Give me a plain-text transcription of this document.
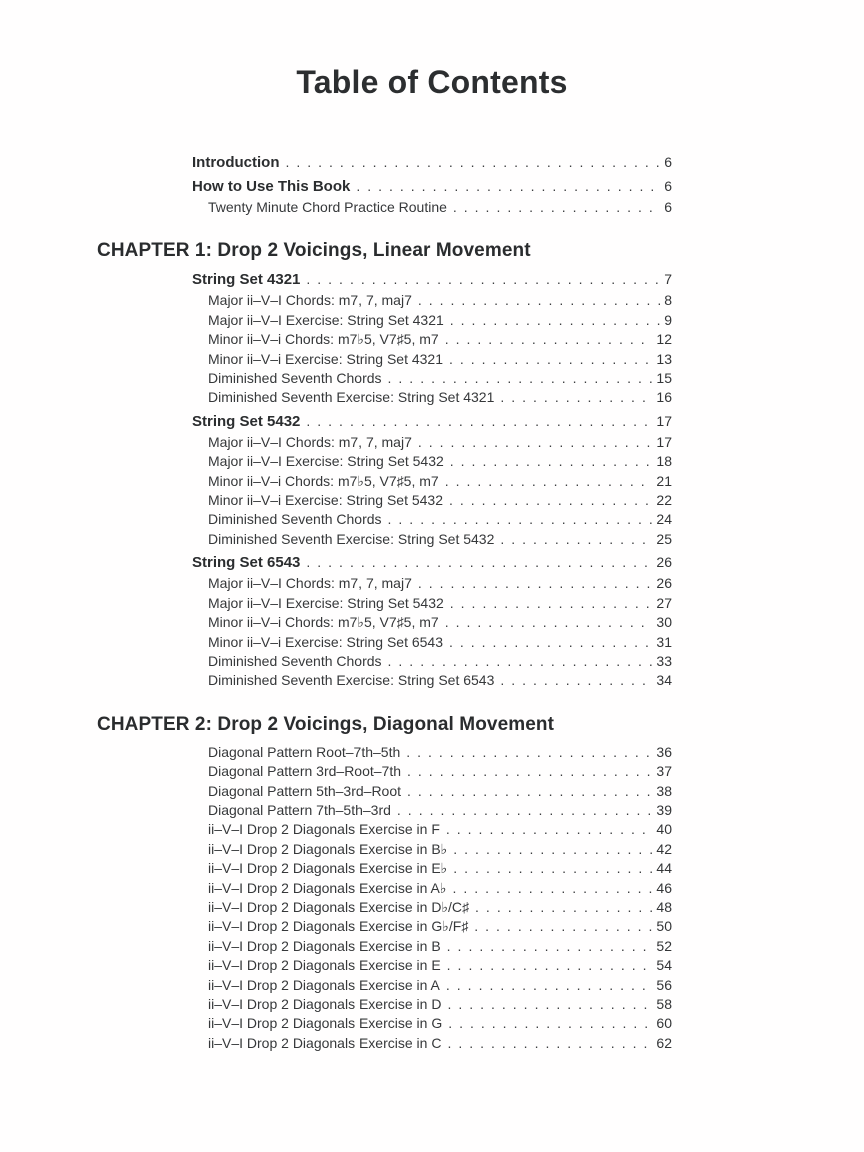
Table of Contents
Introduction .....	6
How to Use This Book .....	6
Twenty Minute Chord Practice Routine .....	6
CHAPTER 1: Drop 2 Voicings, Linear Movement
String Set 4321 .....	7
Major ii–V–I Chords: m7, 7, maj7 .....	8
Major ii–V–I Exercise: String Set 4321 .....	9
Minor ii–V–i Chords: m7♭5, V7♯5, m7 .....	12
Minor ii–V–i Exercise: String Set 4321 .....	13
Diminished Seventh Chords .....	15
Diminished Seventh Exercise: String Set 4321 .....	16
String Set 5432 .....	17
Major ii–V–I Chords: m7, 7, maj7 .....	17
Major ii–V–I Exercise: String Set 5432 .....	18
Minor ii–V–i Chords: m7♭5, V7♯5, m7 .....	21
Minor ii–V–i Exercise: String Set 5432 .....	22
Diminished Seventh Chords .....	24
Diminished Seventh Exercise: String Set 5432 .....	25
String Set 6543 .....	26
Major ii–V–I Chords: m7, 7, maj7 .....	26
Major ii–V–I Exercise: String Set 5432 .....	27
Minor ii–V–i Chords: m7♭5, V7♯5, m7 .....	30
Minor ii–V–i Exercise: String Set 6543 .....	31
Diminished Seventh Chords .....	33
Diminished Seventh Exercise: String Set 6543 .....	34
CHAPTER 2: Drop 2 Voicings, Diagonal Movement
Diagonal Pattern Root–7th–5th .....	36
Diagonal Pattern 3rd–Root–7th .....	37
Diagonal Pattern 5th–3rd–Root .....	38
Diagonal Pattern 7th–5th–3rd .....	39
ii–V–I Drop 2 Diagonals Exercise in F .....	40
ii–V–I Drop 2 Diagonals Exercise in B♭ .....	42
ii–V–I Drop 2 Diagonals Exercise in E♭ .....	44
ii–V–I Drop 2 Diagonals Exercise in A♭ .....	46
ii–V–I Drop 2 Diagonals Exercise in D♭/C♯ .....	48
ii–V–I Drop 2 Diagonals Exercise in G♭/F♯ .....	50
ii–V–I Drop 2 Diagonals Exercise in B .....	52
ii–V–I Drop 2 Diagonals Exercise in E .....	54
ii–V–I Drop 2 Diagonals Exercise in A .....	56
ii–V–I Drop 2 Diagonals Exercise in D .....	58
ii–V–I Drop 2 Diagonals Exercise in G .....	60
ii–V–I Drop 2 Diagonals Exercise in C .....	62
